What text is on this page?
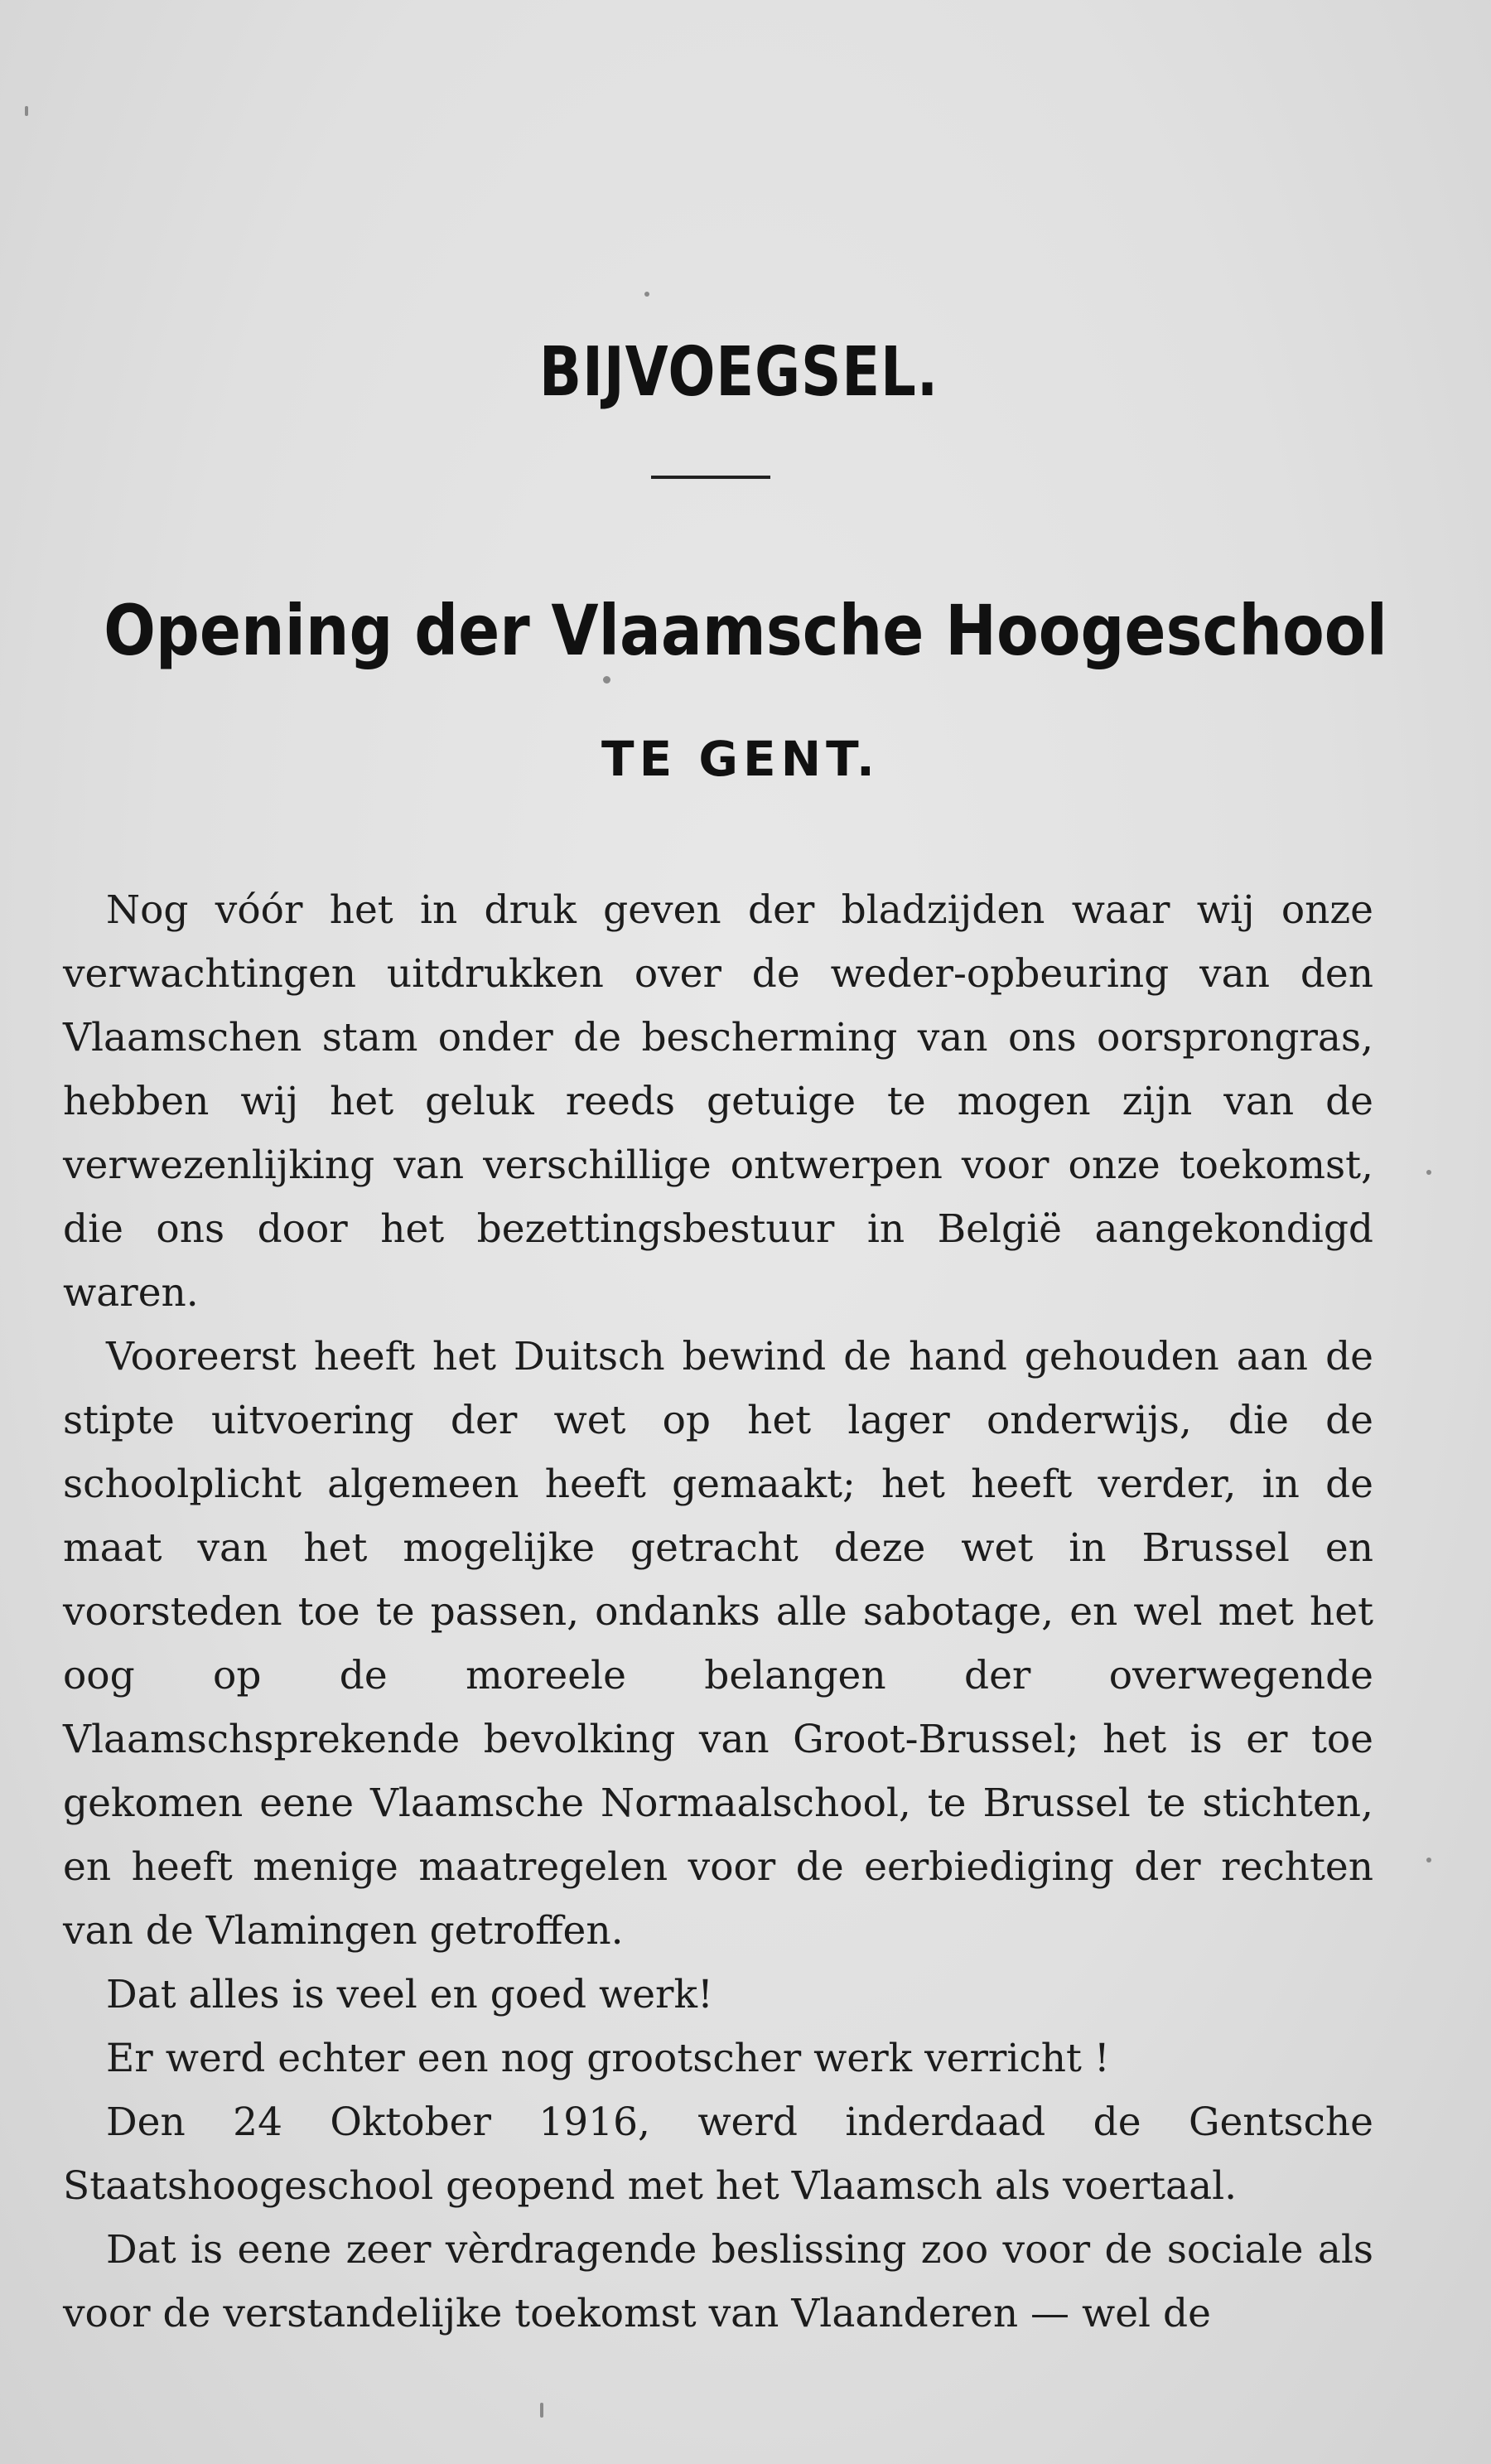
BIJVOEGSEL.
Opening der Vlaamsche Hoogeschool
TE GENT.

Nog vóór het in druk geven der bladzijden waar wij onze verwachtingen uitdrukken over de weder-opbeuring van den Vlaamschen stam onder de bescherming van ons oorsprongras, hebben wij het geluk reeds getuige te mogen zijn van de verwezenlijking van verschillige ontwerpen voor onze toekomst, die ons door het bezettingsbestuur in België aangekondigd waren.

Vooreerst heeft het Duitsch bewind de hand gehouden aan de stipte uitvoering der wet op het lager onderwijs, die de schoolplicht algemeen heeft gemaakt; het heeft verder, in de maat van het mogelijke getracht deze wet in Brussel en voorsteden toe te passen, ondanks alle sabotage, en wel met het oog op de moreele belangen der overwegende Vlaamschsprekende bevolking van Groot-Brussel; het is er toe gekomen eene Vlaamsche Normaalschool, te Brussel te stichten, en heeft menige maatregelen voor de eerbiediging der rechten van de Vlamingen getroffen.

Dat alles is veel en goed werk!

Er werd echter een nog grootscher werk verricht !

Den 24 Oktober 1916, werd inderdaad de Gentsche Staatshoogeschool geopend met het Vlaamsch als voertaal.

Dat is eene zeer vèrdragende beslissing zoo voor de sociale als voor de verstandelijke toekomst van Vlaanderen — wel de
